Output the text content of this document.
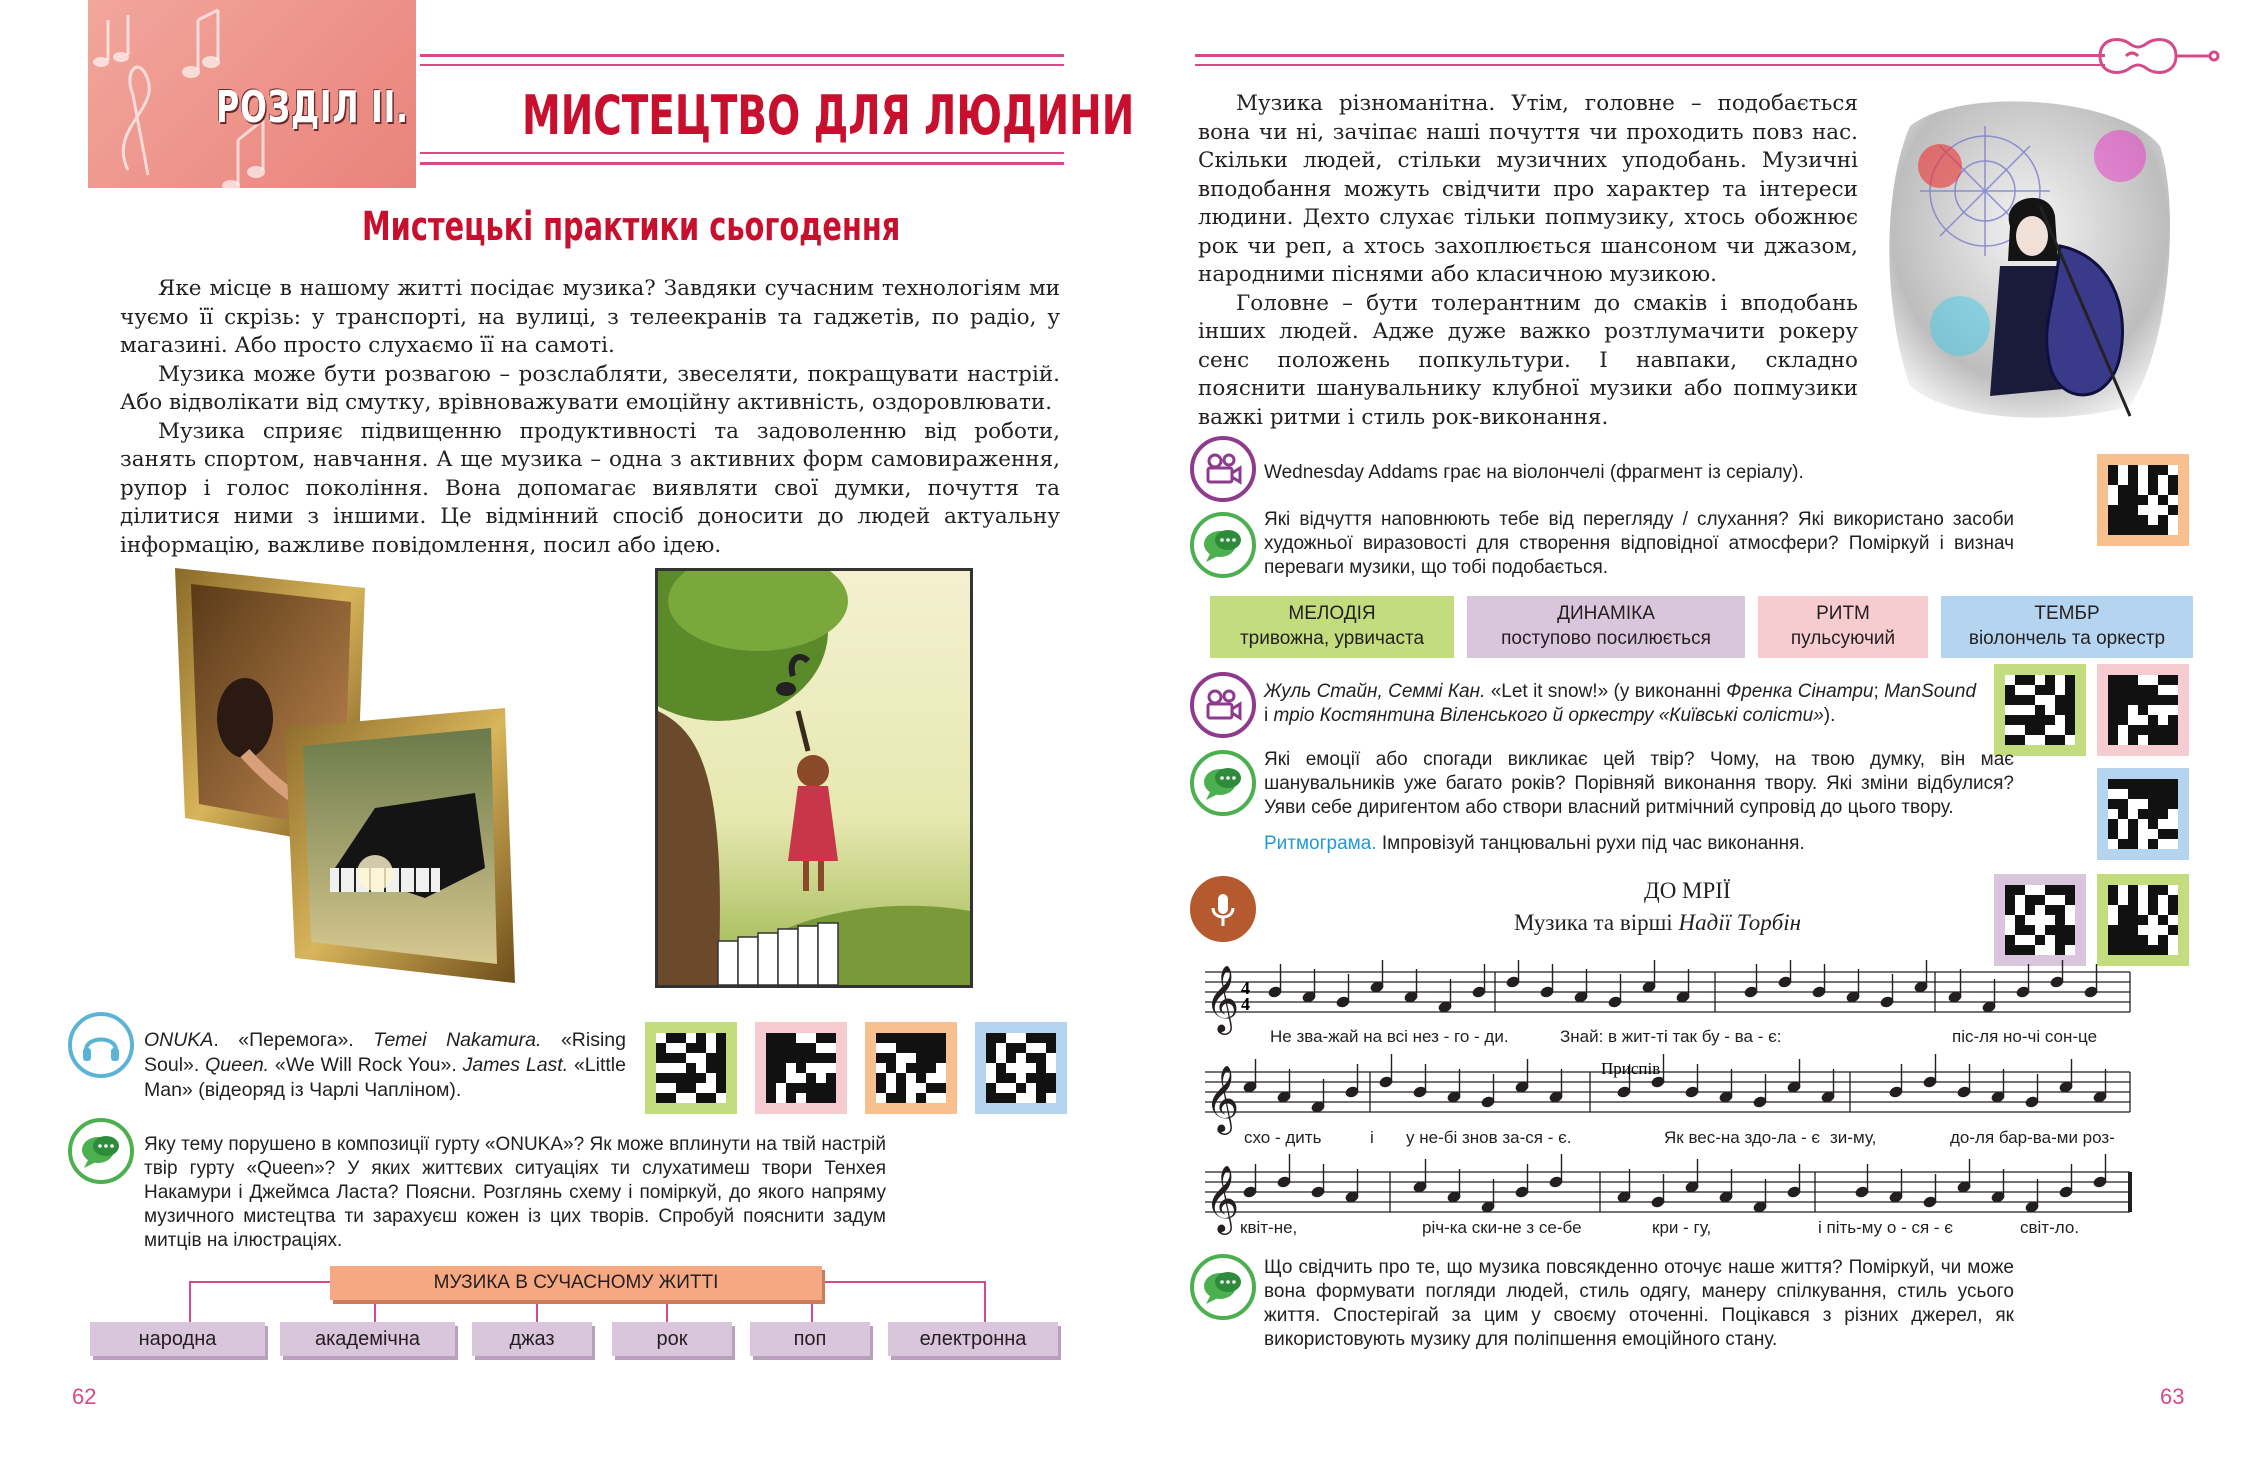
РОЗДІЛ ІІ. МИСТЕЦТВО ДЛЯ ЛЮДИНИ
Мистецькі практики сьогодення

Яке місце в нашому житті посідає музика? Завдяки сучасним технологіям ми чуємо її скрізь: у транспорті, на вулиці, з телеекранів та гаджетів, по радіо, у магазині. Або просто слухаємо її на самоті.

Музика може бути розвагою – розслабляти, звеселяти, покращувати настрій. Або відволікати від смутку, врівноважувати емоційну активність, оздоровлювати.

Музика сприяє підвищенню продуктивності та задоволенню від роботи, занять спортом, навчання. А ще музика – одна з активних форм самовираження, рупор і голос покоління. Вона допомагає виявляти свої думки, почуття та ділитися ними з іншими. Це відмінний спосіб доносити до людей актуальну інформацію, важливе повідомлення, посил або ідею.

ONUKA. «Перемога». Тетеі Nakamura. «Rising Soul». Queen. «We Will Rock You». James Last. «Little Man» (відеоряд із Чарлі Чапліном).
Яку тему порушено в композиції гурту «ONUKA»? Як може вплинути на твій настрій твір гурту «Queen»? У яких життєвих ситуаціях ти слухатимеш твори Тенхея Накамури і Джеймса Ласта? Поясни. Розглянь схему і поміркуй, до якого напряму музичного мистецтва ти зарахуєш кожен із цих творів. Спробуй пояснити задум митців на ілюстраціях.
МУЗИКА В СУЧАСНОМУ ЖИТТІ
народна	академічна	джаз	рок	поп	електронна
62

Музика різноманітна. Утім, головне – подобається вона чи ні, зачіпає наші почуття чи проходить повз нас. Скільки людей, стільки музичних уподобань. Музичні вподобання можуть свідчити про характер та інтереси людини. Дехто слухає тільки попмузику, хтось обожнює рок чи реп, а хтось захоплюється шансоном чи джазом, народними піснями або класичною музикою.

Головне – бути толерантним до смаків і вподобань інших людей. Адже дуже важко розтлумачити рокеру сенс положень попкультури. І навпаки, складно пояснити шанувальнику клубної музики або попмузики важкі ритми і стиль рок-виконання.

Wednesday Addams грає на віолончелі (фрагмент із серіалу).
Які відчуття наповнюють тебе від перегляду / слухання? Які використано засоби художньої виразовості для створення відповідної атмосфери? Поміркуй і визнач переваги музики, що тобі подобається.
МЕЛОДІЯ
тривожна, урвичаста
ДИНАМІКА
поступово посилюється
РИТМ
пульсуючий
ТЕМБР
віолончель та оркестр
Жуль Стайн, Семмі Кан. «Let it snow!» (у виконанні Френка Сінатри; ManSound і тріо Костянтина Віленського й оркестру «Київські солісти»).
Які емоції або спогади викликає цей твір? Чому, на твою думку, він має шанувальників уже багато років? Порівняй виконання твору. Які зміни відбулися? Уяви себе диригентом або створи власний ритмічний супровід до цього твору.
Ритмограма. Імпровізуй танцювальні рухи під час виконання.
ДО МРІЇ
Музика та вірші Надії Торбін
𝄞
𝄞
𝄞
4
4
Приспів
Не зва-жай на всі нез - го - ди.	Знай: в жит-ті
і так бу - ва - є:	піс-ля но-чі сон-це
схо - дить	і у не-бі знов за-ся - є.	Як вес-на здо-ла - є зи-му,	до-ля бар-ва-ми роз-
квіт-не,	річ-ка ски-не з се-бе	кри - гу,	і піть-му о - ся - є	світ-ло.
Що свідчить про те, що музика повсякденно оточує наше життя? Поміркуй, чи може вона формувати погляди людей, стиль одягу, манеру спілкування, стиль усього життя. Спостерігай за цим у своєму оточенні. Поцікався з різних джерел, як використовують музику для поліпшення емоційного стану.
63
